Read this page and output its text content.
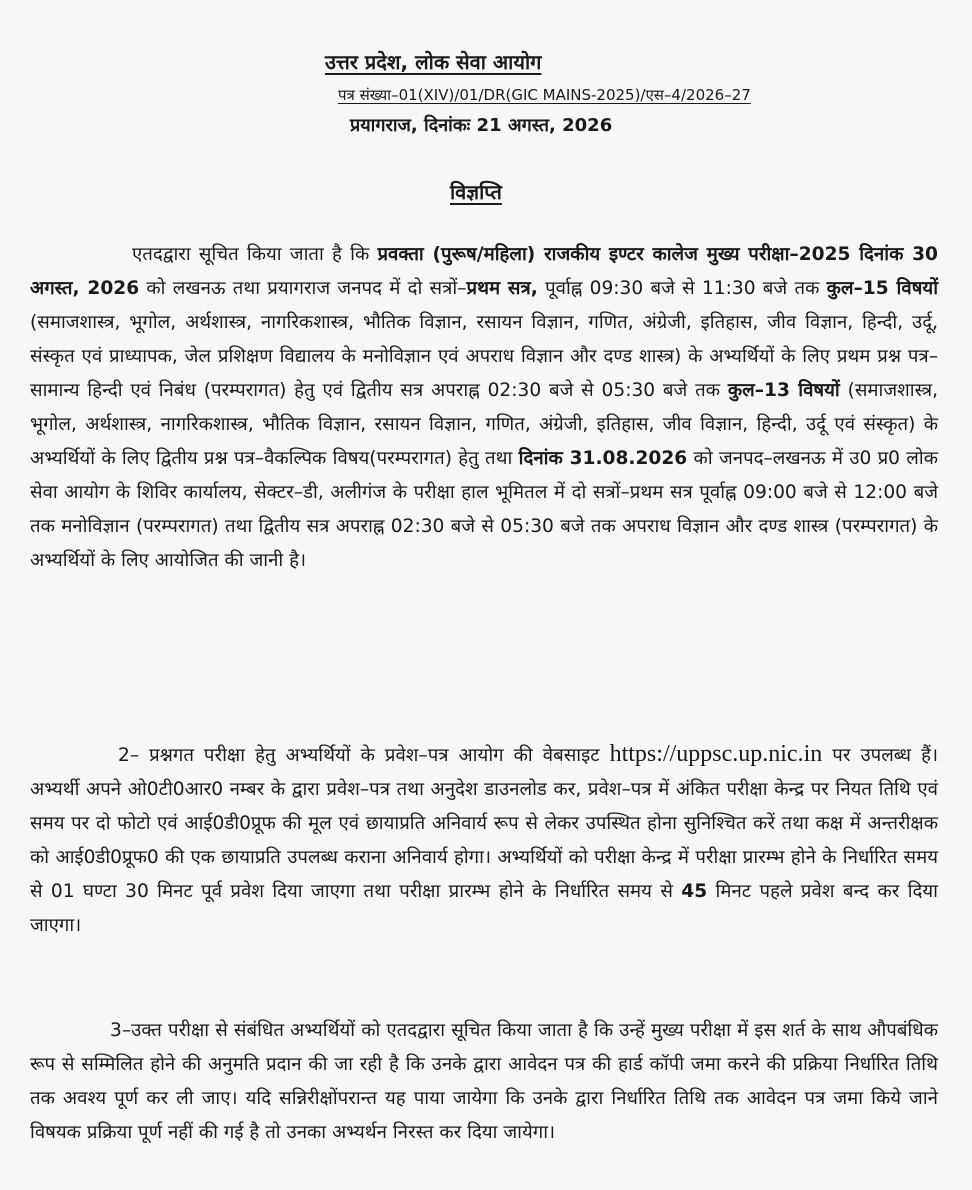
उत्तर प्रदेश, लोक सेवा आयोग
पत्र संख्या–01(XIV)/01/DR(GIC MAINS-2025)/एस–4/2026–27
प्रयागराज, दिनांकः 21 अगस्त, 2026
विज्ञप्ति
एतदद्वारा सूचित किया जाता है कि प्रवक्ता (पुरूष/महिला) राजकीय इण्टर कालेज मुख्य परीक्षा–2025 दिनांक 30 अगस्त, 2026 को लखनऊ तथा प्रयागराज जनपद में दो सत्रों–प्रथम सत्र, पूर्वाह्न 09:30 बजे से 11:30 बजे तक कुल–15 विषयों (समाजशास्त्र, भूगोल, अर्थशास्त्र, नागरिकशास्त्र, भौतिक विज्ञान, रसायन विज्ञान, गणित, अंग्रेजी, इतिहास, जीव विज्ञान, हिन्दी, उर्दू, संस्कृत एवं प्राध्यापक, जेल प्रशिक्षण विद्यालय के मनोविज्ञान एवं अपराध विज्ञान और दण्ड शास्त्र) के अभ्यर्थियों के लिए प्रथम प्रश्न पत्र–सामान्य हिन्दी एवं निबंध (परम्परागत) हेतु एवं द्वितीय सत्र अपराह्न 02:30 बजे से 05:30 बजे तक कुल–13 विषयों (समाजशास्त्र, भूगोल, अर्थशास्त्र, नागरिकशास्त्र, भौतिक विज्ञान, रसायन विज्ञान, गणित, अंग्रेजी, इतिहास, जीव विज्ञान, हिन्दी, उर्दू एवं संस्कृत) के अभ्यर्थियों के लिए द्वितीय प्रश्न पत्र–वैकल्पिक विषय(परम्परागत) हेतु तथा दिनांक 31.08.2026 को जनपद–लखनऊ में उ0 प्र0 लोक सेवा आयोग के शिविर कार्यालय, सेक्टर–डी, अलीगंज के परीक्षा हाल भूमितल में दो सत्रों–प्रथम सत्र पूर्वाह्न 09:00 बजे से 12:00 बजे तक मनोविज्ञान (परम्परागत) तथा द्वितीय सत्र अपराह्न 02:30 बजे से 05:30 बजे तक अपराध विज्ञान और दण्ड शास्त्र (परम्परागत) के अभ्यर्थियों के लिए आयोजित की जानी है।
2– प्रश्नगत परीक्षा हेतु अभ्यर्थियों के प्रवेश–पत्र आयोग की वेबसाइट https://uppsc.up.nic.in पर उपलब्ध हैं। अभ्यर्थी अपने ओ0टी0आर0 नम्बर के द्वारा प्रवेश–पत्र तथा अनुदेश डाउनलोड कर, प्रवेश–पत्र में अंकित परीक्षा केन्द्र पर नियत तिथि एवं समय पर दो फोटो एवं आई0डी0प्रूफ की मूल एवं छायाप्रति अनिवार्य रूप से लेकर उपस्थित होना सुनिश्चित करें तथा कक्ष में अन्तरीक्षक को आई0डी0प्रूफ0 की एक छायाप्रति उपलब्ध कराना अनिवार्य होगा। अभ्यर्थियों को परीक्षा केन्द्र में परीक्षा प्रारम्भ होने के निर्धारित समय से 01 घण्टा 30 मिनट पूर्व प्रवेश दिया जाएगा तथा परीक्षा प्रारम्भ होने के निर्धारित समय से 45 मिनट पहले प्रवेश बन्द कर दिया जाएगा।
3–उक्त परीक्षा से संबंधित अभ्यर्थियों को एतदद्वारा सूचित किया जाता है कि उन्हें मुख्य परीक्षा में इस शर्त के साथ औपबंधिक रूप से सम्मिलित होने की अनुमति प्रदान की जा रही है कि उनके द्वारा आवेदन पत्र की हार्ड कॉपी जमा करने की प्रक्रिया निर्धारित तिथि तक अवश्य पूर्ण कर ली जाए। यदि सन्निरीक्षोंपरान्त यह पाया जायेगा कि उनके द्वारा निर्धारित तिथि तक आवेदन पत्र जमा किये जाने विषयक प्रक्रिया पूर्ण नहीं की गई है तो उनका अभ्यर्थन निरस्त कर दिया जायेगा।
